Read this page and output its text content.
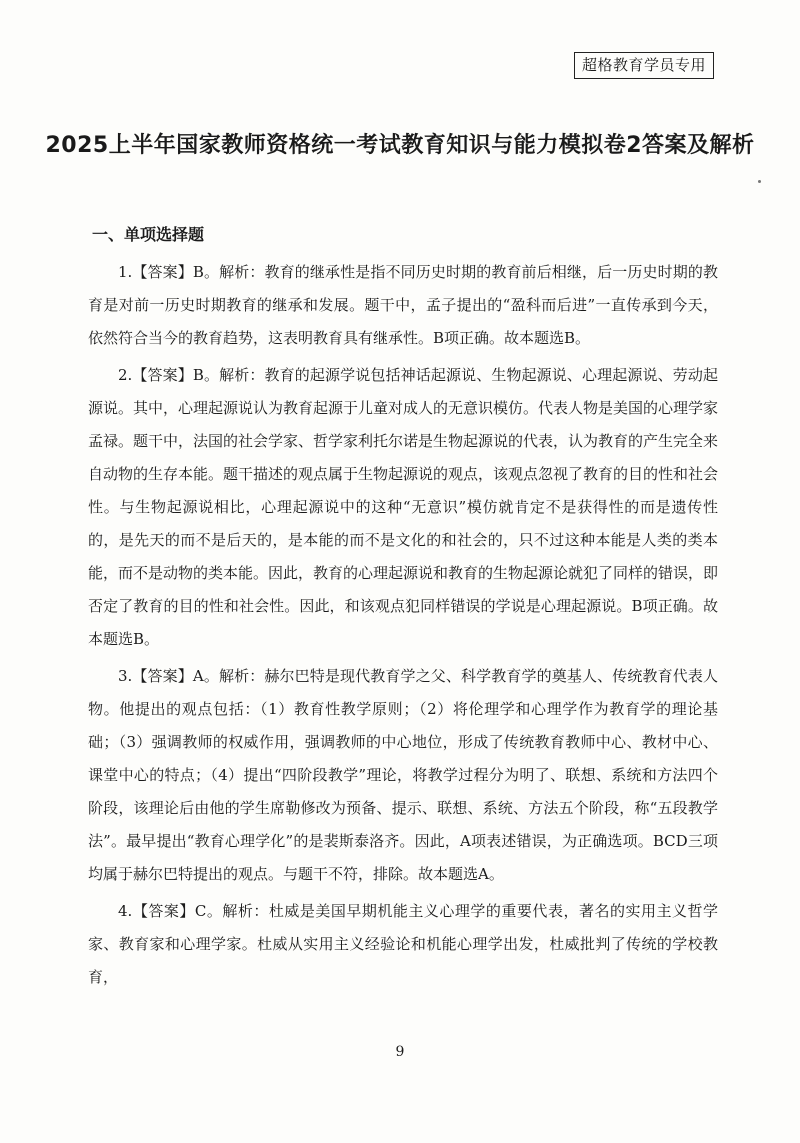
超格教育学员专用
2025上半年国家教师资格统一考试教育知识与能力模拟卷2答案及解析
一、单项选择题

1.【答案】B。解析：教育的继承性是指不同历史时期的教育前后相继，后一历史时期的教育是对前一历史时期教育的继承和发展。题干中，孟子提出的“盈科而后进”一直传承到今天，依然符合当今的教育趋势，这表明教育具有继承性。B项正确。故本题选B。

2.【答案】B。解析：教育的起源学说包括神话起源说、生物起源说、心理起源说、劳动起源说。其中，心理起源说认为教育起源于儿童对成人的无意识模仿。代表人物是美国的心理学家孟禄。题干中，法国的社会学家、哲学家利托尔诺是生物起源说的代表，认为教育的产生完全来自动物的生存本能。题干描述的观点属于生物起源说的观点，该观点忽视了教育的目的性和社会性。与生物起源说相比，心理起源说中的这种“无意识”模仿就肯定不是获得性的而是遗传性的，是先天的而不是后天的，是本能的而不是文化的和社会的，只不过这种本能是人类的类本能，而不是动物的类本能。因此，教育的心理起源说和教育的生物起源论就犯了同样的错误，即否定了教育的目的性和社会性。因此，和该观点犯同样错误的学说是心理起源说。B项正确。故本题选B。

3.【答案】A。解析：赫尔巴特是现代教育学之父、科学教育学的奠基人、传统教育代表人物。他提出的观点包括：（1）教育性教学原则；（2）将伦理学和心理学作为教育学的理论基础；（3）强调教师的权威作用，强调教师的中心地位，形成了传统教育教师中心、教材中心、课堂中心的特点；（4）提出“四阶段教学”理论，将教学过程分为明了、联想、系统和方法四个阶段，该理论后由他的学生席勒修改为预备、提示、联想、系统、方法五个阶段，称“五段教学法”。最早提出“教育心理学化”的是裴斯泰洛齐。因此，A项表述错误，为正确选项。BCD三项均属于赫尔巴特提出的观点。与题干不符，排除。故本题选A。

4.【答案】C。解析：杜威是美国早期机能主义心理学的重要代表，著名的实用主义哲学家、教育家和心理学家。杜威从实用主义经验论和机能心理学出发，杜威批判了传统的学校教育，

9
